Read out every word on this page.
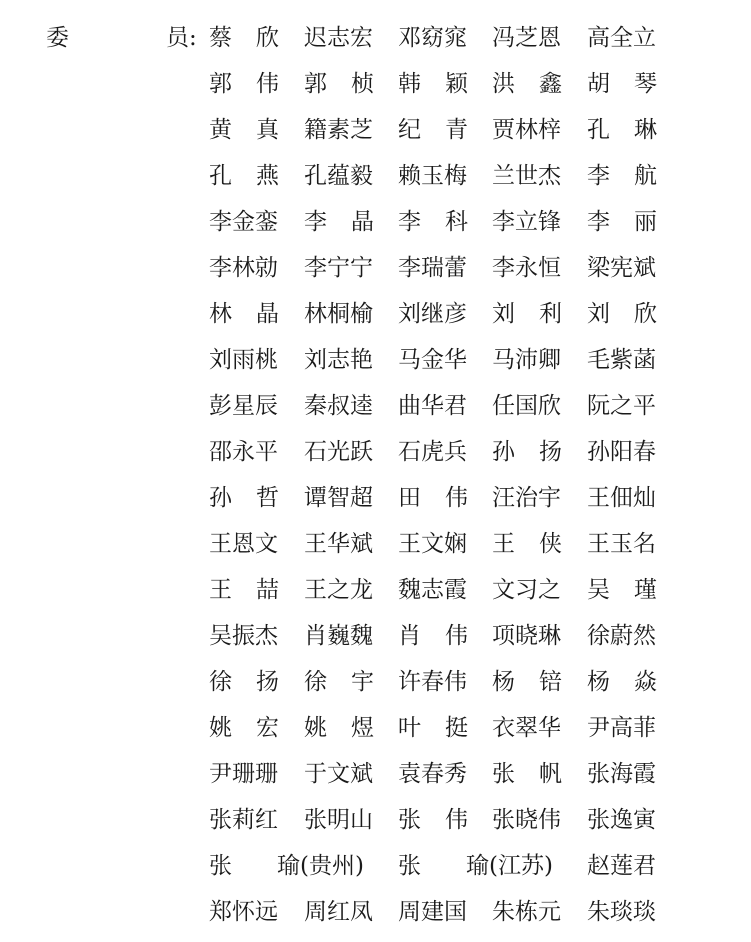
委	员: 蔡 欣 迟志宏 邓窈窕 冯芝恩 高全立
郭 伟 郭 桢 韩 颖 洪 鑫 胡 琴
黄 真 籍素芝 纪 青 贾林梓 孔 琳
孔 燕 孔蕴毅 赖玉梅 兰世杰 李 航
李金銮 李 晶 李 科 李立锋 李 丽
李林勍 李宁宁 李瑞蕾 李永恒 梁宪斌
林 晶 林桐榆 刘继彦 刘 利 刘 欣
刘雨桃 刘志艳 马金华 马沛卿 毛紫菡
彭星辰 秦叔逵 曲华君 任国欣 阮之平
邵永平 石光跃 石虎兵 孙 扬 孙阳春
孙 哲 谭智超 田 伟 汪治宇 王佃灿
王恩文 王华斌 王文娴 王 侠 王玉名
王 喆 王之龙 魏志霞 文习之 吴 瑾
吴振杰 肖巍魏 肖 伟 项晓琳 徐蔚然
徐 扬 徐 宇 许春伟 杨 锫 杨 焱
姚 宏 姚 煜 叶 挺 衣翠华 尹高菲
尹珊珊 于文斌 袁春秀 张 帆 张海霞
张莉红 张明山 张 伟 张晓伟 张逸寅
张 瑜(贵州) 张 瑜(江苏) 赵莲君
郑怀远 周红凤 周建国 朱栋元 朱琰琰
